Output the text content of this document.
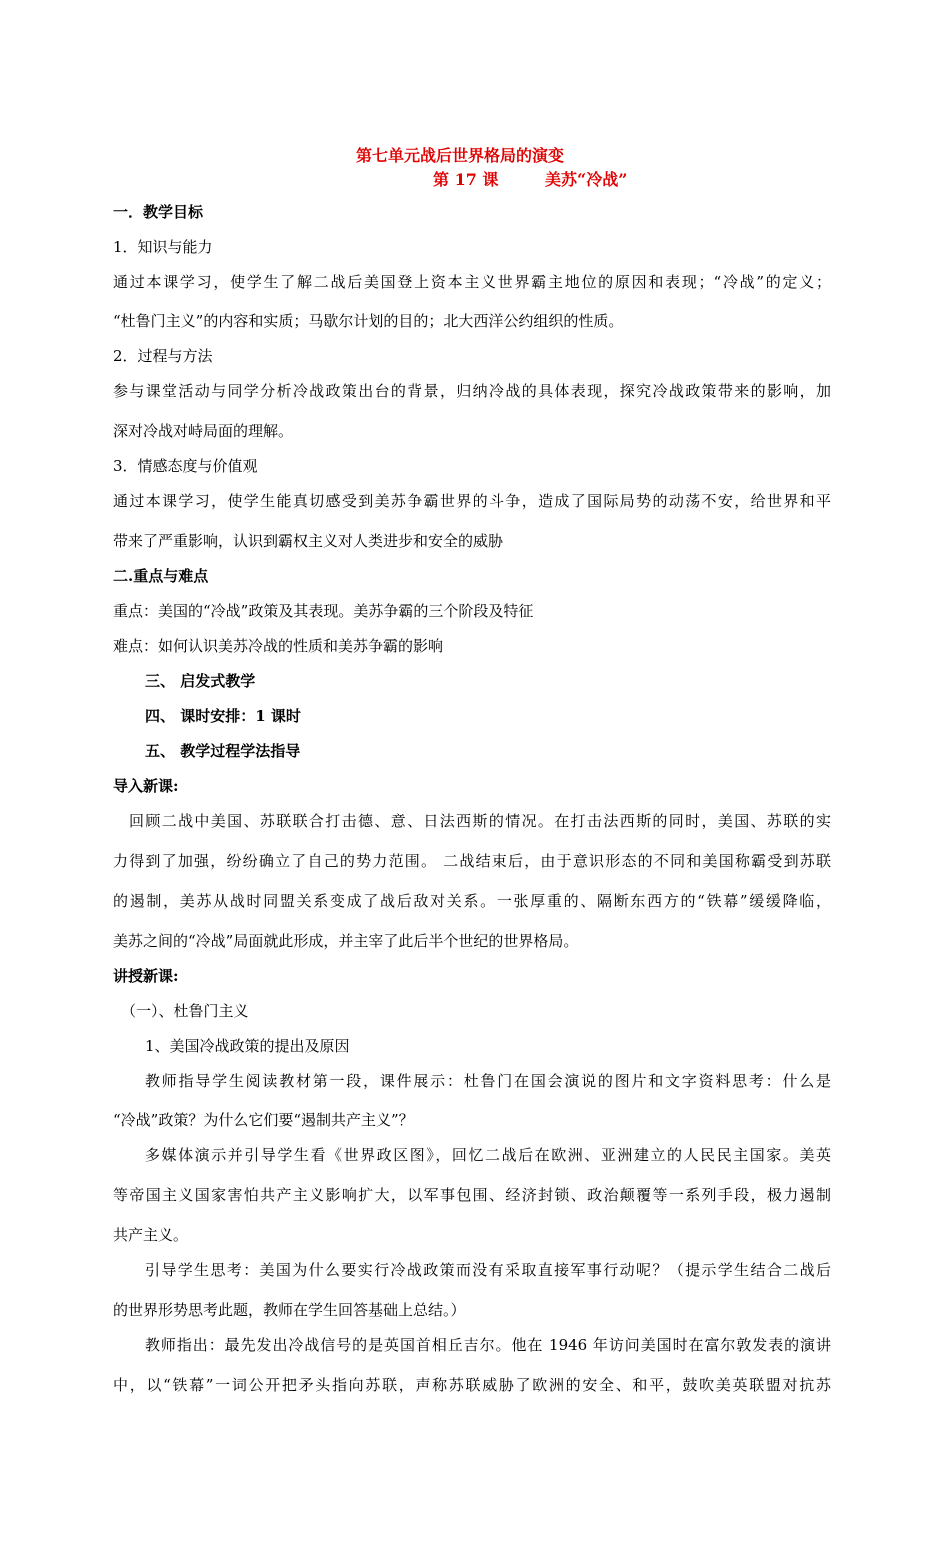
第七单元战后世界格局的演变
第 17 课	美苏“冷战”
一．教学目标
1．知识与能力
通过本课学习，使学生了解二战后美国登上资本主义世界霸主地位的原因和表现；“冷战”的定义；
“杜鲁门主义”的内容和实质；马歇尔计划的目的；北大西洋公约组织的性质。
2．过程与方法
参与课堂活动与同学分析冷战政策出台的背景，归纳冷战的具体表现，探究冷战政策带来的影响，加
深对冷战对峙局面的理解。
3．情感态度与价值观
通过本课学习，使学生能真切感受到美苏争霸世界的斗争，造成了国际局势的动荡不安，给世界和平
带来了严重影响，认识到霸权主义对人类进步和安全的威胁
二.重点与难点
重点：美国的“冷战”政策及其表现。美苏争霸的三个阶段及特征
难点：如何认识美苏冷战的性质和美苏争霸的影响
三、 启发式教学
四、 课时安排：1 课时
五、 教学过程学法指导
导入新课:
回顾二战中美国、苏联联合打击德、意、日法西斯的情况。在打击法西斯的同时，美国、苏联的实
力得到了加强，纷纷确立了自己的势力范围。 二战结束后，由于意识形态的不同和美国称霸受到苏联
的遏制，美苏从战时同盟关系变成了战后敌对关系。一张厚重的、隔断东西方的“铁幕”缓缓降临，
美苏之间的“冷战”局面就此形成，并主宰了此后半个世纪的世界格局。
讲授新课:
（一）、杜鲁门主义
1、美国冷战政策的提出及原因
教师指导学生阅读教材第一段，课件展示：杜鲁门在国会演说的图片和文字资料思考：什么是
“冷战”政策？为什么它们要“遏制共产主义”？
多媒体演示并引导学生看《世界政区图》，回忆二战后在欧洲、亚洲建立的人民民主国家。美英
等帝国主义国家害怕共产主义影响扩大，以军事包围、经济封锁、政治颠覆等一系列手段，极力遏制
共产主义。
引导学生思考：美国为什么要实行冷战政策而没有采取直接军事行动呢？（提示学生结合二战后
的世界形势思考此题，教师在学生回答基础上总结。）
教师指出：最先发出冷战信号的是英国首相丘吉尔。他在 1946 年访问美国时在富尔敦发表的演讲
中，以“铁幕”一词公开把矛头指向苏联，声称苏联威胁了欧洲的安全、和平，鼓吹美英联盟对抗苏
